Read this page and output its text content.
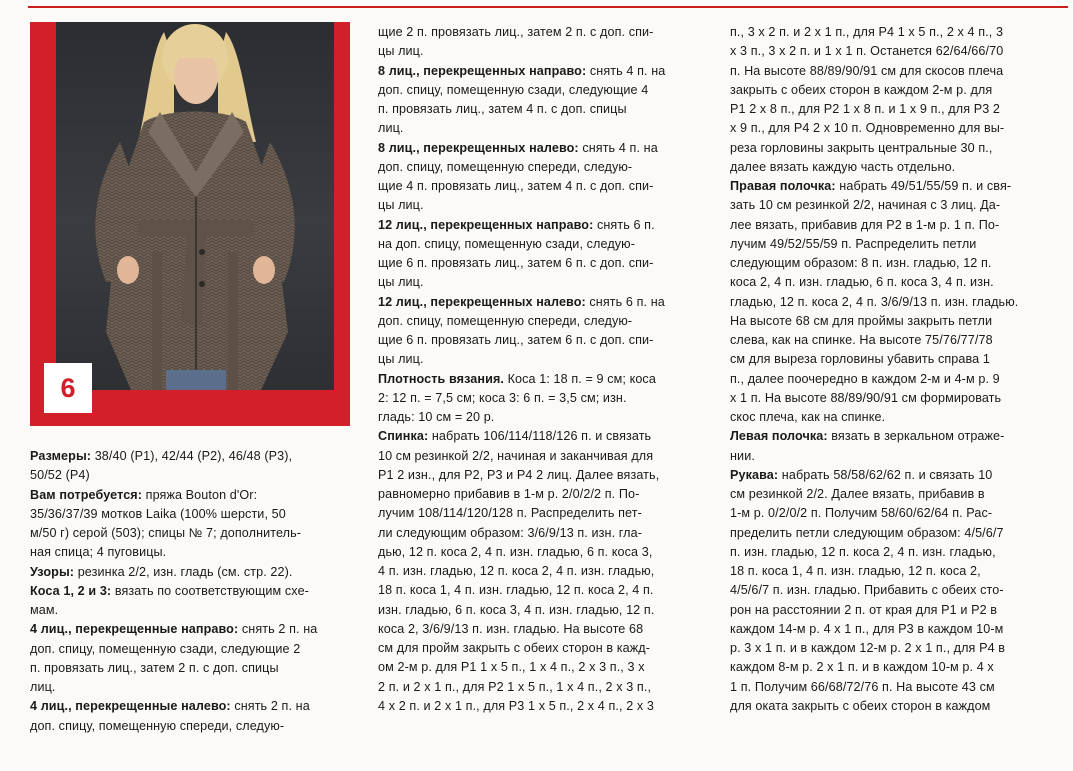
6
Размеры: 38/40 (P1), 42/44 (P2), 46/48 (P3),
50/52 (P4)
Вам потребуется: пряжа Bouton d'Or:
35/36/37/39 мотков Laika (100% шерсти, 50
м/50 г) серой (503); спицы № 7; дополнитель-
ная спица; 4 пуговицы.
Узоры: резинка 2/2, изн. гладь (см. стр. 22).
Коса 1, 2 и 3: вязать по соответствующим схе-
мам.
4 лиц., перекрещенные направо: снять 2 п. на
доп. спицу, помещенную сзади, следующие 2
п. провязать лиц., затем 2 п. с доп. спицы
лиц.
4 лиц., перекрещенные налево: снять 2 п. на
доп. спицу, помещенную спереди, следую-
щие 2 п. провязать лиц., затем 2 п. с доп. спи-
цы лиц.
8 лиц., перекрещенных направо: снять 4 п. на
доп. спицу, помещенную сзади, следующие 4
п. провязать лиц., затем 4 п. с доп. спицы
лиц.
8 лиц., перекрещенных налево: снять 4 п. на
доп. спицу, помещенную спереди, следую-
щие 4 п. провязать лиц., затем 4 п. с доп. спи-
цы лиц.
12 лиц., перекрещенных направо: снять 6 п.
на доп. спицу, помещенную сзади, следую-
щие 6 п. провязать лиц., затем 6 п. с доп. спи-
цы лиц.
12 лиц., перекрещенных налево: снять 6 п. на
доп. спицу, помещенную спереди, следую-
щие 6 п. провязать лиц., затем 6 п. с доп. спи-
цы лиц.
Плотность вязания. Коса 1: 18 п. = 9 см; коса
2: 12 п. = 7,5 см; коса 3: 6 п. = 3,5 см; изн.
гладь: 10 см = 20 р.
Спинка: набрать 106/114/118/126 п. и связать
10 см резинкой 2/2, начиная и заканчивая для
P1 2 изн., для P2, P3 и P4 2 лиц. Далее вязать,
равномерно прибавив в 1-м р. 2/0/2/2 п. По-
лучим 108/114/120/128 п. Распределить пет-
ли следующим образом: 3/6/9/13 п. изн. гла-
дью, 12 п. коса 2, 4 п. изн. гладью, 6 п. коса 3,
4 п. изн. гладью, 12 п. коса 2, 4 п. изн. гладью,
18 п. коса 1, 4 п. изн. гладью, 12 п. коса 2, 4 п.
изн. гладью, 6 п. коса 3, 4 п. изн. гладью, 12 п.
коса 2, 3/6/9/13 п. изн. гладью. На высоте 68
см для пройм закрыть с обеих сторон в кажд-
ом 2-м р. для P1 1 х 5 п., 1 х 4 п., 2 х 3 п., 3 х
2 п. и 2 х 1 п., для P2 1 х 5 п., 1 х 4 п., 2 х 3 п.,
4 х 2 п. и 2 х 1 п., для P3 1 х 5 п., 2 х 4 п., 2 х 3
п., 3 х 2 п. и 2 х 1 п., для P4 1 х 5 п., 2 х 4 п., 3
х 3 п., 3 х 2 п. и 1 х 1 п. Останется 62/64/66/70
п. На высоте 88/89/90/91 см для скосов плеча
закрыть с обеих сторон в каждом 2-м р. для
P1 2 х 8 п., для P2 1 х 8 п. и 1 х 9 п., для P3 2
х 9 п., для P4 2 х 10 п. Одновременно для вы-
реза горловины закрыть центральные 30 п.,
далее вязать каждую часть отдельно.
Правая полочка: набрать 49/51/55/59 п. и свя-
зать 10 см резинкой 2/2, начиная с 3 лиц. Да-
лее вязать, прибавив для P2 в 1-м р. 1 п. По-
лучим 49/52/55/59 п. Распределить петли
следующим образом: 8 п. изн. гладью, 12 п.
коса 2, 4 п. изн. гладью, 6 п. коса 3, 4 п. изн.
гладью, 12 п. коса 2, 4 п. 3/6/9/13 п. изн. гладью.
На высоте 68 см для проймы закрыть петли
слева, как на спинке. На высоте 75/76/77/78
см для выреза горловины убавить справа 1
п., далее поочередно в каждом 2-м и 4-м р. 9
х 1 п. На высоте 88/89/90/91 см формировать
скос плеча, как на спинке.
Левая полочка: вязать в зеркальном отраже-
нии.
Рукава: набрать 58/58/62/62 п. и связать 10
см резинкой 2/2. Далее вязать, прибавив в
1-м р. 0/2/0/2 п. Получим 58/60/62/64 п. Рас-
пределить петли следующим образом: 4/5/6/7
п. изн. гладью, 12 п. коса 2, 4 п. изн. гладью,
18 п. коса 1, 4 п. изн. гладью, 12 п. коса 2,
4/5/6/7 п. изн. гладью. Прибавить с обеих сто-
рон на расстоянии 2 п. от края для P1 и P2 в
каждом 14-м р. 4 х 1 п., для P3 в каждом 10-м
р. 3 х 1 п. и в каждом 12-м р. 2 х 1 п., для P4 в
каждом 8-м р. 2 х 1 п. и в каждом 10-м р. 4 х
1 п. Получим 66/68/72/76 п. На высоте 43 см
для оката закрыть с обеих сторон в каждом
